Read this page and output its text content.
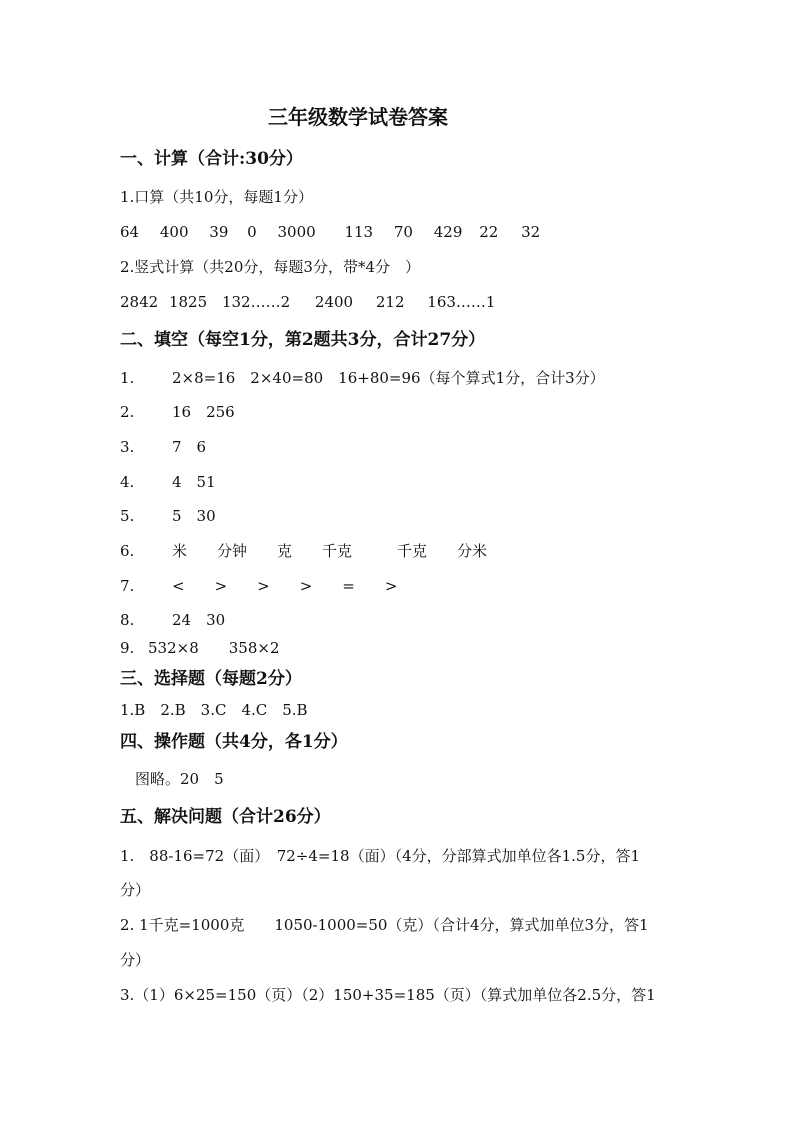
三年级数学试卷答案
一、计算（合计:30分）
1.口算（共10分，每题1分）
64 400 39 0 3000 113 70 429 22 32
2.竖式计算（共20分，每题3分，带*4分　）
2842 1825 132……2 2400 212 163……1
二、填空（每空1分，第2题共3分，合计27分）
1.	2×8=16　2×40=80　16+80=96（每个算式1分，合计3分）
2.	16　256
3.	7　6
4.	4　51
5.	5　30
6.	米　　分钟　　克　　千克　　　千克　　分米
7.	<　　>　　>　　>　　=　　>
8.	24　30
9. 532×8　　358×2
三、选择题（每题2分）
1.B　2.B　3.C　4.C　5.B
四、操作题（共4分，各1分）
图略。20　5
五、解决问题（合计26分）
1.　88-16=72（面）　72÷4=18（面）（4分，分部算式加单位各1.5分，答1
分）
2. 1千克=1000克　　1050-1000=50（克）（合计4分，算式加单位3分，答1
分）
3.（1）6×25=150（页）（2）150+35=185（页）（算式加单位各2.5分，答1
